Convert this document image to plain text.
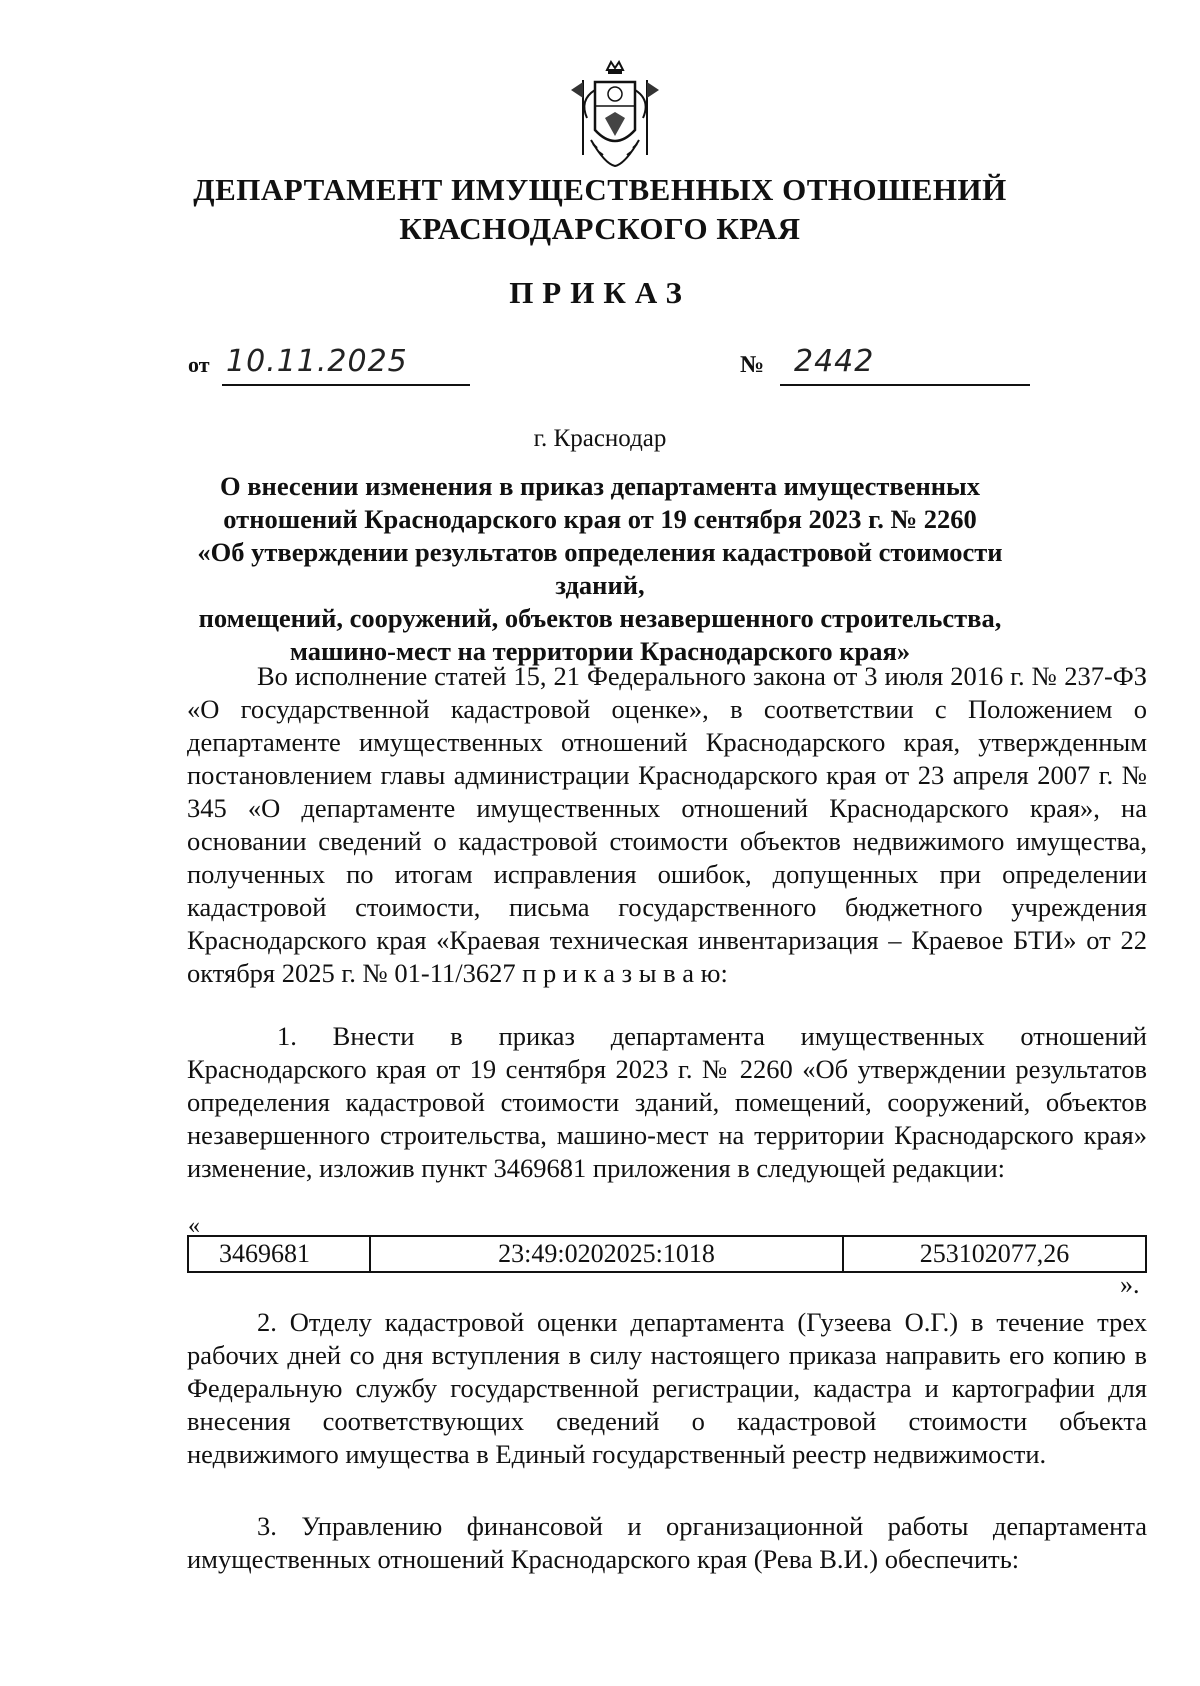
ДЕПАРТАМЕНТ ИМУЩЕСТВЕННЫХ ОТНОШЕНИЙ
КРАСНОДАРСКОГО КРАЯ
ПРИКАЗ
от 10.11.2025	№ 2442
г. Краснодар
О внесении изменения в приказ департамента имущественных
отношений Краснодарского края от 19 сентября 2023 г. № 2260
«Об утверждении результатов определения кадастровой стоимости зданий,
помещений, сооружений, объектов незавершенного строительства,
машино-мест на территории Краснодарского края»
Во исполнение статей 15, 21 Федерального закона от 3 июля 2016 г. № 237-ФЗ «О государственной кадастровой оценке», в соответствии с Положением о департаменте имущественных отношений Краснодарского края, утвержденным постановлением главы администрации Краснодарского края от 23 апреля 2007 г. № 345 «О департаменте имущественных отношений Краснодарского края», на основании сведений о кадастровой стоимости объектов недвижимого имущества, полученных по итогам исправления ошибок, допущенных при определении кадастровой стоимости, письма государственного бюджетного учреждения Краснодарского края «Краевая техническая инвентаризация – Краевое БТИ» от 22 октября 2025 г. № 01-11/3627 п р и к а з ы в а ю:
1. Внести в приказ департамента имущественных отношений Краснодарского края от 19 сентября 2023 г. № 2260 «Об утверждении результатов определения кадастровой стоимости зданий, помещений, сооружений, объектов незавершенного строительства, машино-мест на территории Краснодарского края» изменение, изложив пункт 3469681 приложения в следующей редакции:
«
3469681	23:49:0202025:1018	253102077,26
».
2. Отделу кадастровой оценки департамента (Гузеева О.Г.) в течение трех рабочих дней со дня вступления в силу настоящего приказа направить его копию в Федеральную службу государственной регистрации, кадастра и картографии для внесения соответствующих сведений о кадастровой стоимости объекта недвижимого имущества в Единый государственный реестр недвижимости.
3. Управлению финансовой и организационной работы департамента имущественных отношений Краснодарского края (Рева В.И.) обеспечить:
